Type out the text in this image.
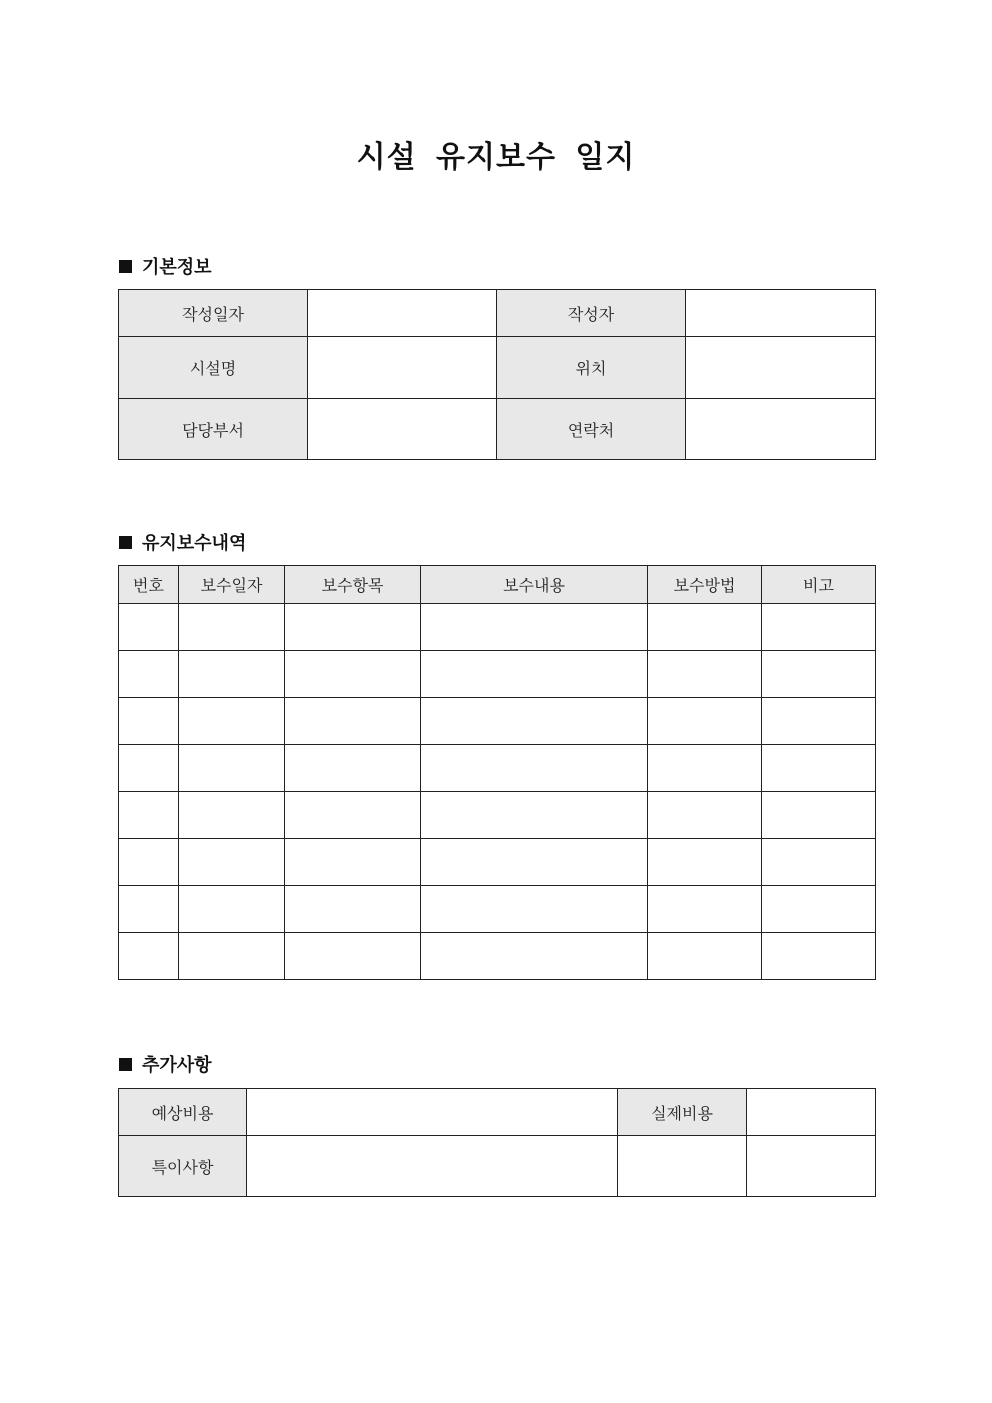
시설 유지보수 일지
기본정보
작성일자		작성자	
시설명		위치	
담당부서		연락처	
유지보수내역
번호	보수일자	보수항목	보수내용	보수방법	비고

추가사항
예상비용		실제비용	
특이사항			
